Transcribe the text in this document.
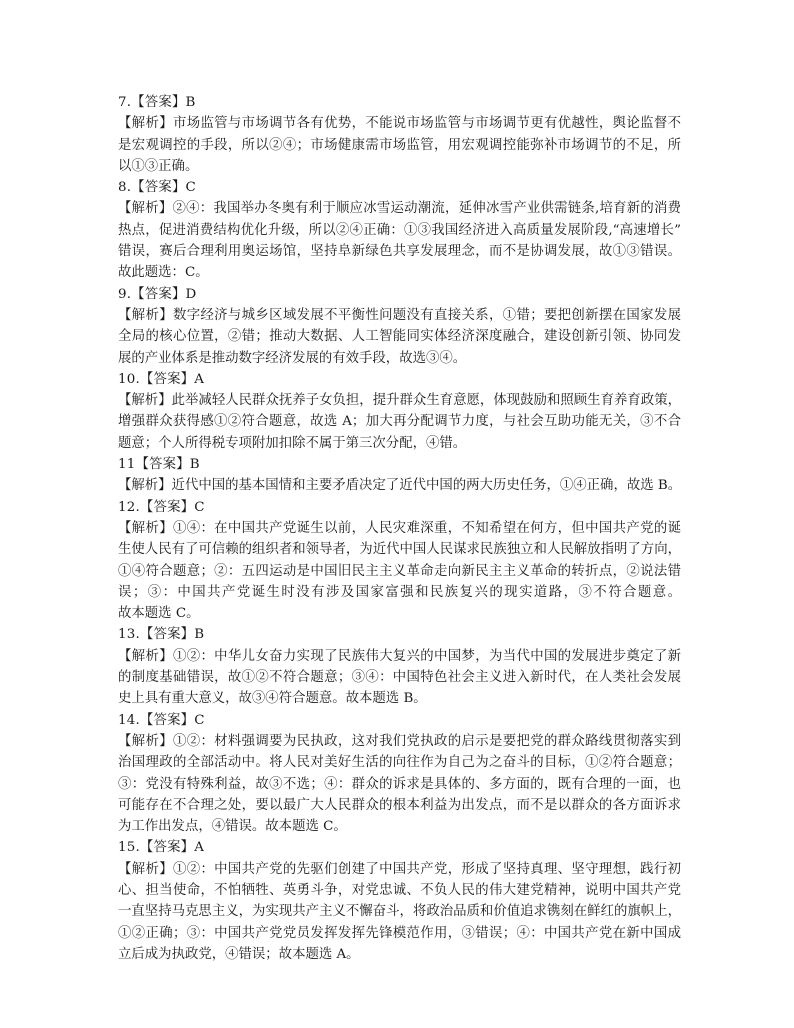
7.【答案】B
【解析】市场监管与市场调节各有优势，不能说市场监管与市场调节更有优越性，舆论监督不
是宏观调控的手段，所以②④；市场健康需市场监管，用宏观调控能弥补市场调节的不足，所
以①③正确。
8.【答案】C
【解析】②④：我国举办冬奥有利于顺应冰雪运动潮流，延伸冰雪产业供需链条,培育新的消费
热点，促进消费结构优化升级，所以②④正确：①③我国经济进入高质量发展阶段,“高速增长”
错误，赛后合理利用奥运场馆，坚持阜新绿色共享发展理念，而不是协调发展，故①③错误。
故此题选：C。
9.【答案】D
【解析】数字经济与城乡区域发展不平衡性问题没有直接关系，①错；要把创新摆在国家发展
全局的核心位置，②错；推动大数据、人工智能同实体经济深度融合，建设创新引领、协同发
展的产业体系是推动数字经济发展的有效手段，故选③④。
10.【答案】A
【解析】此举减轻人民群众抚养子女负担，提升群众生育意愿，体现鼓励和照顾生育养育政策，
增强群众获得感①②符合题意，故选 A；加大再分配调节力度，与社会互助功能无关，③不合
题意；个人所得税专项附加扣除不属于第三次分配，④错。
11【答案】B
【解析】近代中国的基本国情和主要矛盾决定了近代中国的两大历史任务，①④正确，故选 B。
12.【答案】C
【解析】①④：在中国共产党诞生以前，人民灾难深重，不知希望在何方，但中国共产党的诞
生使人民有了可信赖的组织者和领导者，为近代中国人民谋求民族独立和人民解放指明了方向，
①④符合题意；②：五四运动是中国旧民主主义革命走向新民主主义革命的转折点，②说法错
误；③：中国共产党诞生时没有涉及国家富强和民族复兴的现实道路，③不符合题意。
故本题选 C。
13.【答案】B
【解析】①②：中华儿女奋力实现了民族伟大复兴的中国梦，为当代中国的发展进步奠定了新
的制度基础错误，故①②不符合题意；③④：中国特色社会主义进入新时代，在人类社会发展
史上具有重大意义，故③④符合题意。故本题选 B。
14.【答案】C
【解析】①②：材料强调要为民执政，这对我们党执政的启示是要把党的群众路线贯彻落实到
治国理政的全部活动中。将人民对美好生活的向往作为自己为之奋斗的目标，①②符合题意；
③：党没有特殊利益，故③不选；④：群众的诉求是具体的、多方面的，既有合理的一面，也
可能存在不合理之处，要以最广大人民群众的根本利益为出发点，而不是以群众的各方面诉求
为工作出发点，④错误。故本题选 C。
15.【答案】A
【解析】①②：中国共产党的先驱们创建了中国共产党，形成了坚持真理、坚守理想，践行初
心、担当使命，不怕牺牲、英勇斗争，对党忠诚、不负人民的伟大建党精神，说明中国共产党
一直坚持马克思主义，为实现共产主义不懈奋斗，将政治品质和价值追求镌刻在鲜红的旗帜上，
①②正确；③：中国共产党党员发挥发挥先锋模范作用，③错误；④：中国共产党在新中国成
立后成为执政党，④错误；故本题选 A。
